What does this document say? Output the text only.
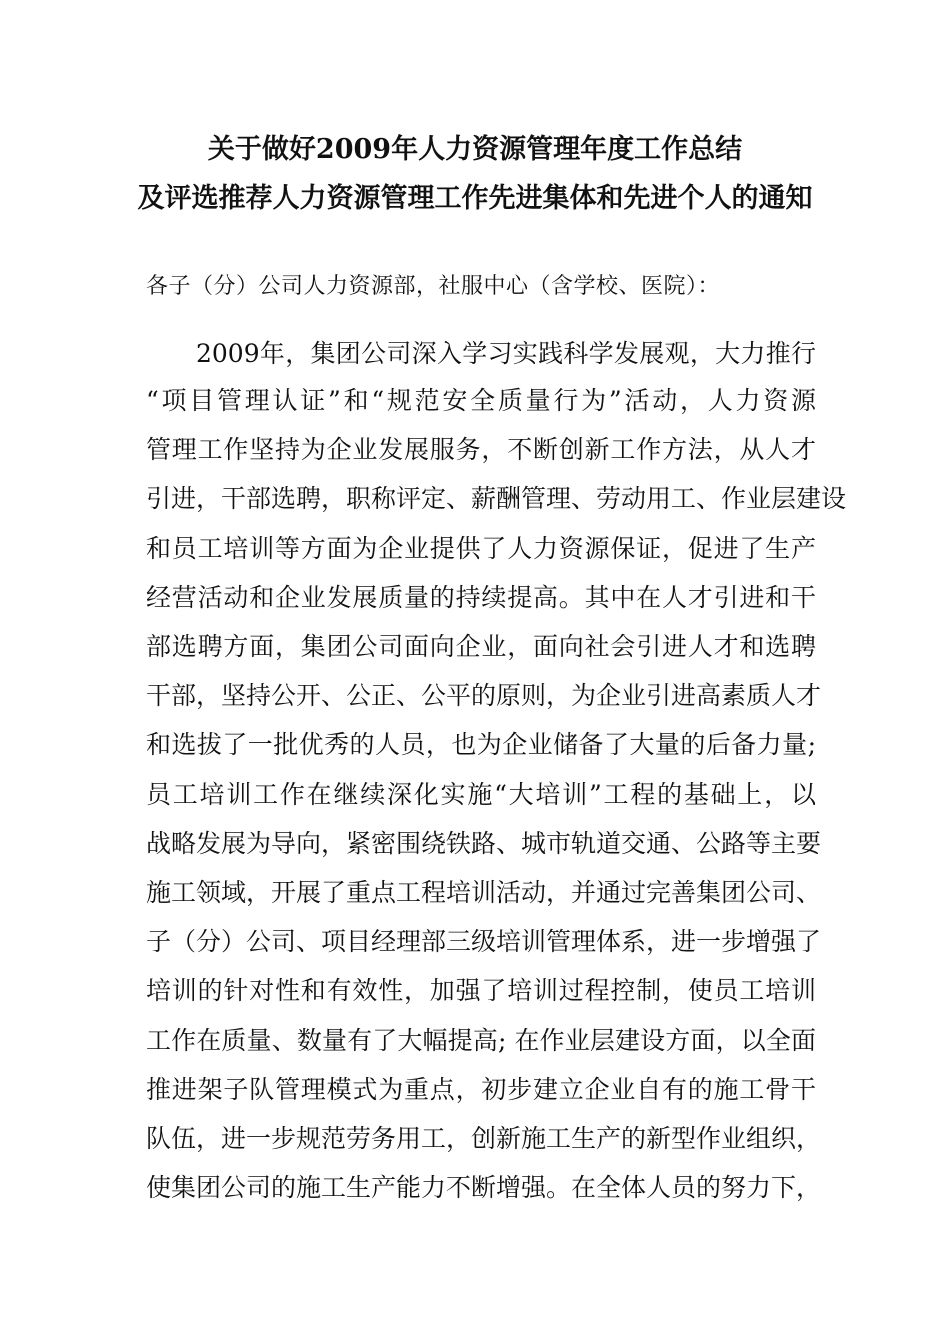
关于做好2009年人力资源管理年度工作总结
及评选推荐人力资源管理工作先进集体和先进个人的通知
各子（分）公司人力资源部，社服中心（含学校、医院）：
2009年，集团公司深入学习实践科学发展观，大力推行
“项目管理认证”和“规范安全质量行为”活动，人力资源
管理工作坚持为企业发展服务，不断创新工作方法，从人才
引进，干部选聘，职称评定、薪酬管理、劳动用工、作业层建设
和员工培训等方面为企业提供了人力资源保证，促进了生产
经营活动和企业发展质量的持续提高。其中在人才引进和干
部选聘方面，集团公司面向企业，面向社会引进人才和选聘
干部，坚持公开、公正、公平的原则，为企业引进高素质人才
和选拔了一批优秀的人员，也为企业储备了大量的后备力量;
员工培训工作在继续深化实施“大培训”工程的基础上，以
战略发展为导向，紧密围绕铁路、城市轨道交通、公路等主要
施工领域，开展了重点工程培训活动，并通过完善集团公司、
子（分）公司、项目经理部三级培训管理体系，进一步增强了
培训的针对性和有效性，加强了培训过程控制，使员工培训
工作在质量、数量有了大幅提高; 在作业层建设方面，以全面
推进架子队管理模式为重点，初步建立企业自有的施工骨干
队伍，进一步规范劳务用工，创新施工生产的新型作业组织，
使集团公司的施工生产能力不断增强。在全体人员的努力下，
